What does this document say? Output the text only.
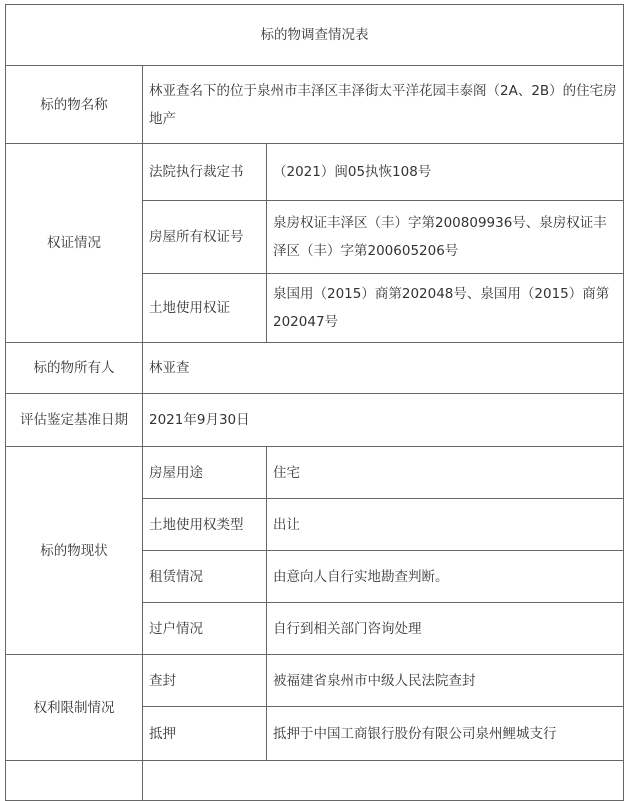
标的物调查情况表		
标的物名称	林亚查名下的位于泉州市丰泽区丰泽街太平洋花园丰泰阁（2A、2B）的住宅房地产	
权证情况	法院执行裁定书	（2021）闽05执恢108号
	房屋所有权证号	泉房权证丰泽区（丰）字第200809936号、泉房权证丰泽区（丰）字第200605206号
	土地使用权证	泉国用（2015）商第202048号、泉国用（2015）商第202047号
标的物所有人	林亚查	
评估鉴定基准日期	2021年9月30日	
标的物现状	房屋用途	住宅
	土地使用权类型	出让
	租赁情况	由意向人自行实地勘查判断。
	过户情况	自行到相关部门咨询处理
权利限制情况	查封	被福建省泉州市中级人民法院查封
	抵押	抵押于中国工商银行股份有限公司泉州鲤城支行
